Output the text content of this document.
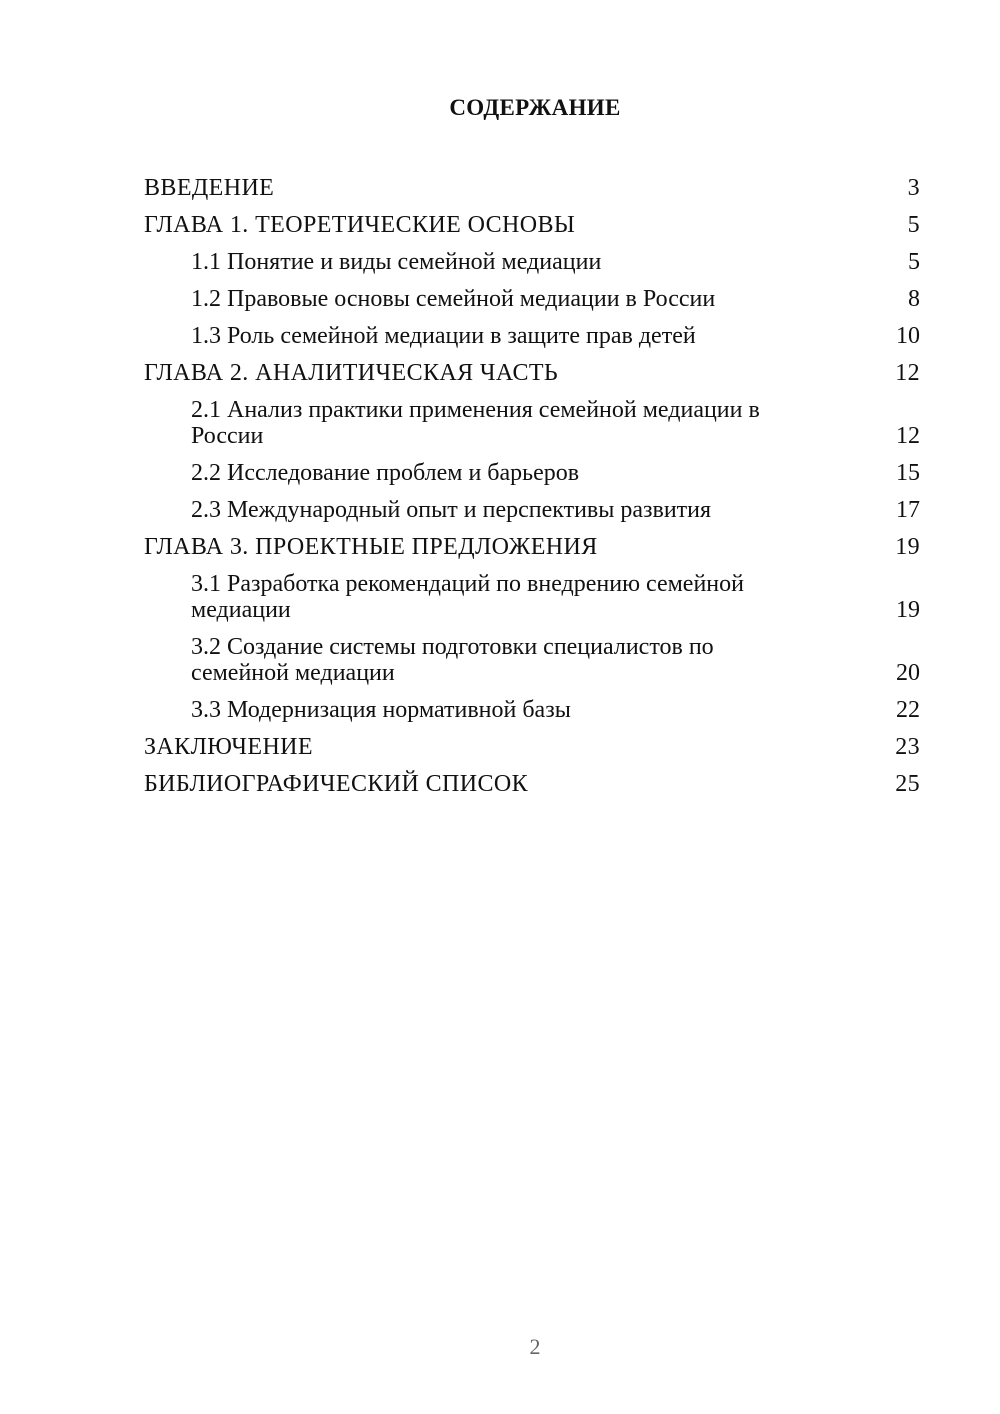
СОДЕРЖАНИЕ
ВВЕДЕНИЕ	3
ГЛАВА 1. ТЕОРЕТИЧЕСКИЕ ОСНОВЫ	5
1.1 Понятие и виды семейной медиации	5
1.2 Правовые основы семейной медиации в России	8
1.3 Роль семейной медиации в защите прав детей	10
ГЛАВА 2. АНАЛИТИЧЕСКАЯ ЧАСТЬ	12
2.1 Анализ практики применения семейной медиации в России	12
2.2 Исследование проблем и барьеров	15
2.3 Международный опыт и перспективы развития	17
ГЛАВА 3. ПРОЕКТНЫЕ ПРЕДЛОЖЕНИЯ	19
3.1 Разработка рекомендаций по внедрению семейной медиации	19
3.2 Создание системы подготовки специалистов по семейной медиации	20
3.3 Модернизация нормативной базы	22
ЗАКЛЮЧЕНИЕ	23
БИБЛИОГРАФИЧЕСКИЙ СПИСОК	25
2
